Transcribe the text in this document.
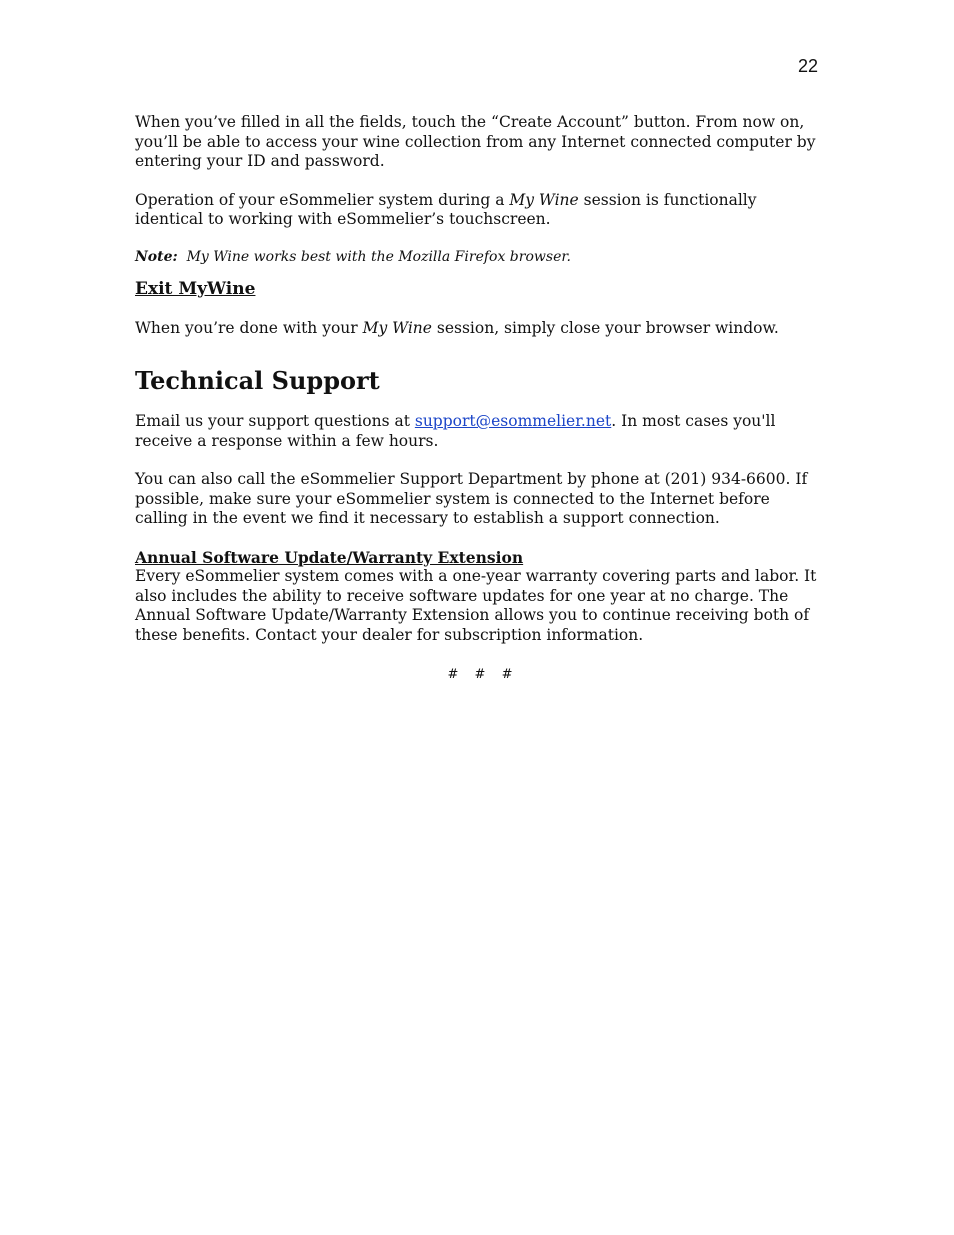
22

When you’ve filled in all the fields, touch the “Create Account” button. From now on, you’ll be able to access your wine collection from any Internet connected computer by entering your ID and password.

Operation of your eSommelier system during a My Wine session is functionally identical to working with eSommelier’s touchscreen.

Note:  My Wine works best with the Mozilla Firefox browser.

Exit MyWine

When you’re done with your My Wine session, simply close your browser window.

Technical Support

Email us your support questions at support@esommelier.net. In most cases you'll receive a response within a few hours.

You can also call the eSommelier Support Department by phone at (201) 934-6600. If possible, make sure your eSommelier system is connected to the Internet before calling in the event we find it necessary to establish a support connection.

Annual Software Update/Warranty Extension

Every eSommelier system comes with a one-year warranty covering parts and labor. It also includes the ability to receive software updates for one year at no charge. The Annual Software Update/Warranty Extension allows you to continue receiving both of these benefits. Contact your dealer for subscription information.

# # #
